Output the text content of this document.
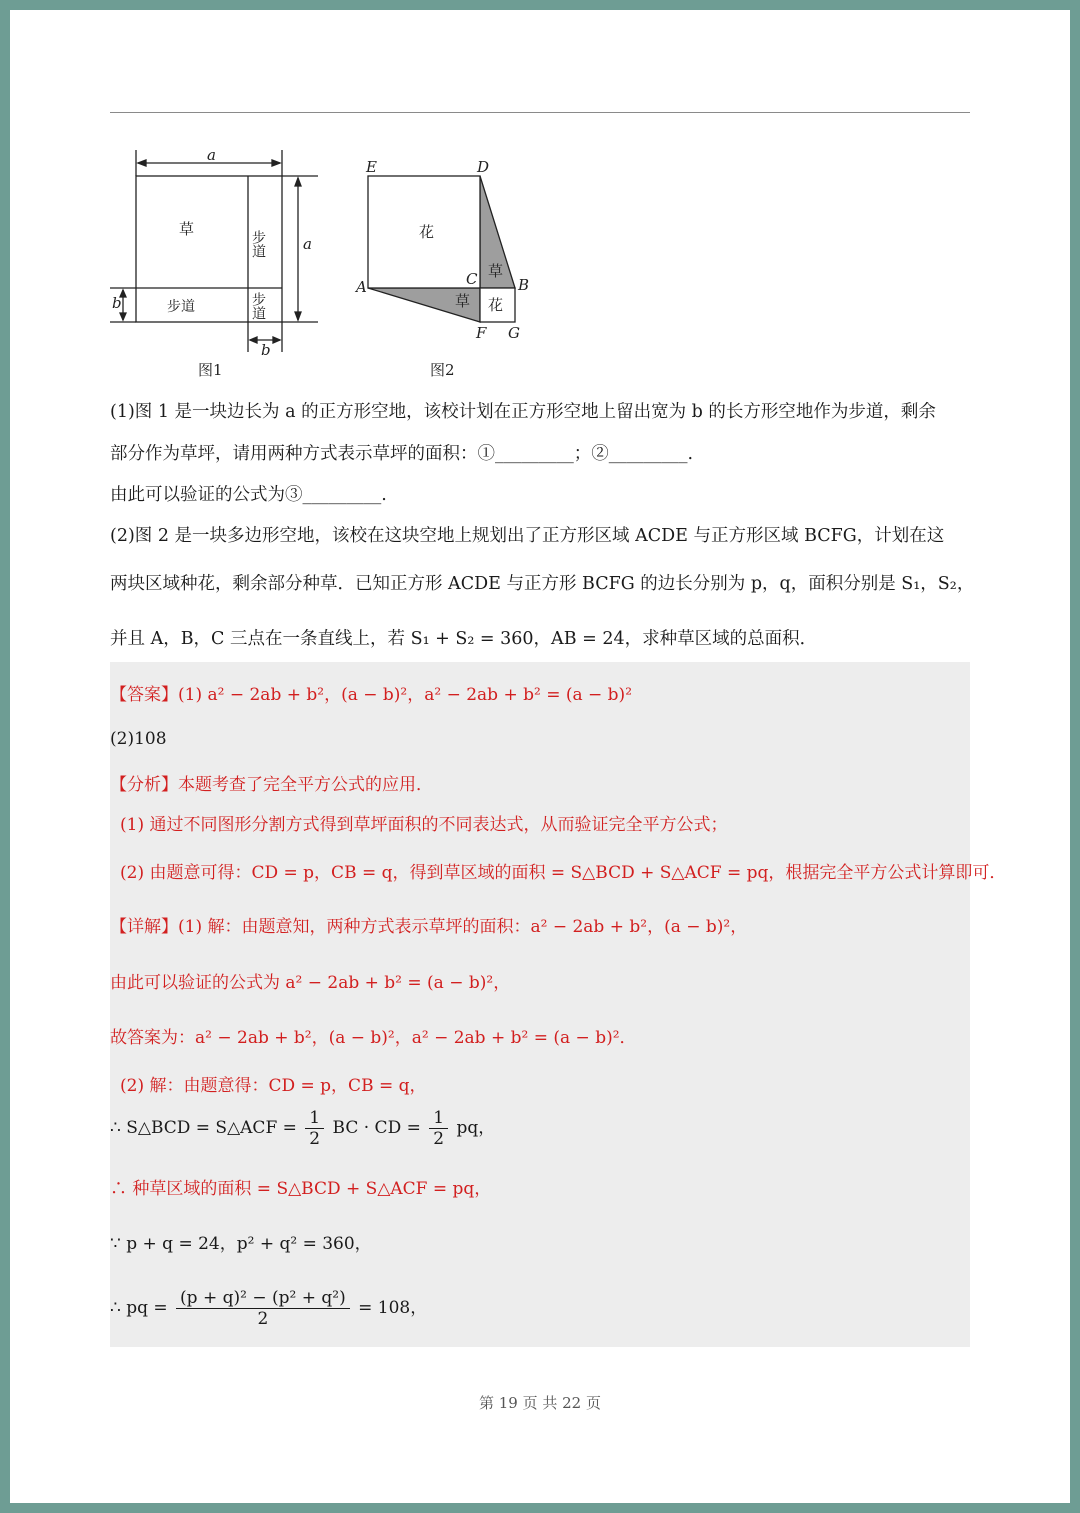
a
a
b
b
草
步道
步道	步道
图1
E	D
A	B
C
F G
花
草
草 花
图2
(1)图 1 是一块边长为 a 的正方形空地，该校计划在正方形空地上留出宽为 b 的长方形空地作为步道，剩余
部分作为草坪，请用两种方式表示草坪的面积：①_________；②_________.
由此可以验证的公式为③_________.
(2)图 2 是一块多边形空地，该校在这块空地上规划出了正方形区域 ACDE 与正方形区域 BCFG，计划在这
两块区域种花，剩余部分种草．已知正方形 ACDE 与正方形 BCFG 的边长分别为 p，q，面积分别是 S₁，S₂，
并且 A，B，C 三点在一条直线上，若 S₁ + S₂ = 360，AB = 24，求种草区域的总面积．
【答案】(1) a² − 2ab + b²，(a − b)²，a² − 2ab + b² = (a − b)²
(2)108
【分析】本题考查了完全平方公式的应用．
(1) 通过不同图形分割方式得到草坪面积的不同表达式，从而验证完全平方公式；
(2) 由题意可得：CD = p，CB = q，得到草区域的面积 = S△BCD + S△ACF = pq，根据完全平方公式计算即可．
【详解】(1) 解：由题意知，两种方式表示草坪的面积：a² − 2ab + b²，(a − b)²，
由此可以验证的公式为 a² − 2ab + b² = (a − b)²，
故答案为：a² − 2ab + b²，(a − b)²，a² − 2ab + b² = (a − b)²．
(2) 解：由题意得：CD = p，CB = q，
∴ S△BCD = S△ACF = $\frac{1}{2}$ BC · CD = $\frac{1}{2}$ pq，
∴ 种草区域的面积 = S△BCD + S△ACF = pq，
∵ p + q = 24，p² + q² = 360，
∴ pq = $\frac{\text{(p + q)² − (p² + q²)}}{2} = 108$，
第 19 页 共 22 页
